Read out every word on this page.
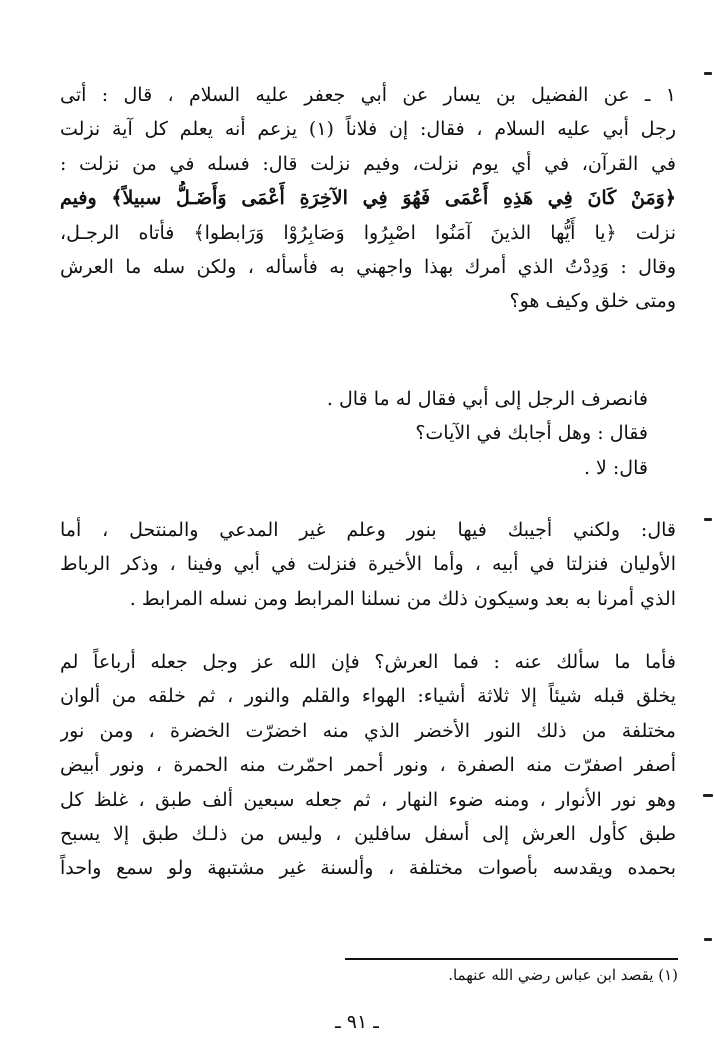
١ ـ عن الفضيل بن يسار عن أبي جعفر عليه السلام ، قال : أتى
رجل أبي عليه السلام ، فقال: إن فلاناً (١) يزعم أنه يعلم كل آية نزلت
في القرآن، في أي يوم نزلت، وفيم نزلت قال: فسله في من نزلت :
﴿وَمَنْ كَانَ فِي هَذِهِ أَعْمَى فَهُوَ فِي الآخِرَةِ أَعْمَى وَأَضَـلُّ سبيلاً﴾ وفيم
نزلت ﴿يا أَيُّها الذينَ آمَنُوا اصْبِرُوا وَصَابِرُوْا وَرَابطوا﴾ فأتاه الرجـل،
وقال : وَدِدْتُ الذي أمرك بهذا واجهني به فأسأله ، ولكن سله ما العرش
ومتى خلق وكيف هو؟
فانصرف الرجل إلى أبي فقال له ما قال .
فقال : وهل أجابك في الآيات؟
قال: لا .
قال: ولكني أجيبك فيها بنور وعلم غير المدعي والمنتحل ، أما
الأوليان فنزلتا في أبيه ، وأما الأخيرة فنزلت في أبي وفينا ، وذكر الرباط
الذي أمرنا به بعد وسيكون ذلك من نسلنا المرابط ومن نسله المرابط .
فأما ما سألك عنه : فما العرش؟ فإن الله عز وجل جعله أرباعاً لم
يخلق قبله شيئاً إلا ثلاثة أشياء: الهواء والقلم والنور ، ثم خلقه من ألوان
مختلفة من ذلك النور الأخضر الذي منه اخضرّت الخضرة ، ومن نور
أصفر اصفرّت منه الصفرة ، ونور أحمر احمّرت منه الحمرة ، ونور أبيض
وهو نور الأنوار ، ومنه ضوء النهار ، ثم جعله سبعين ألف طبق ، غلظ كل
طبق كأول العرش إلى أسفل سافلين ، وليس من ذلـك طبق إلا يسبح
بحمده ويقدسه بأصوات مختلفة ، وألسنة غير مشتبهة ولو سمع واحداً
(١) يقصد ابن عباس رضي الله عنهما.
ـ ٩١ ـ
